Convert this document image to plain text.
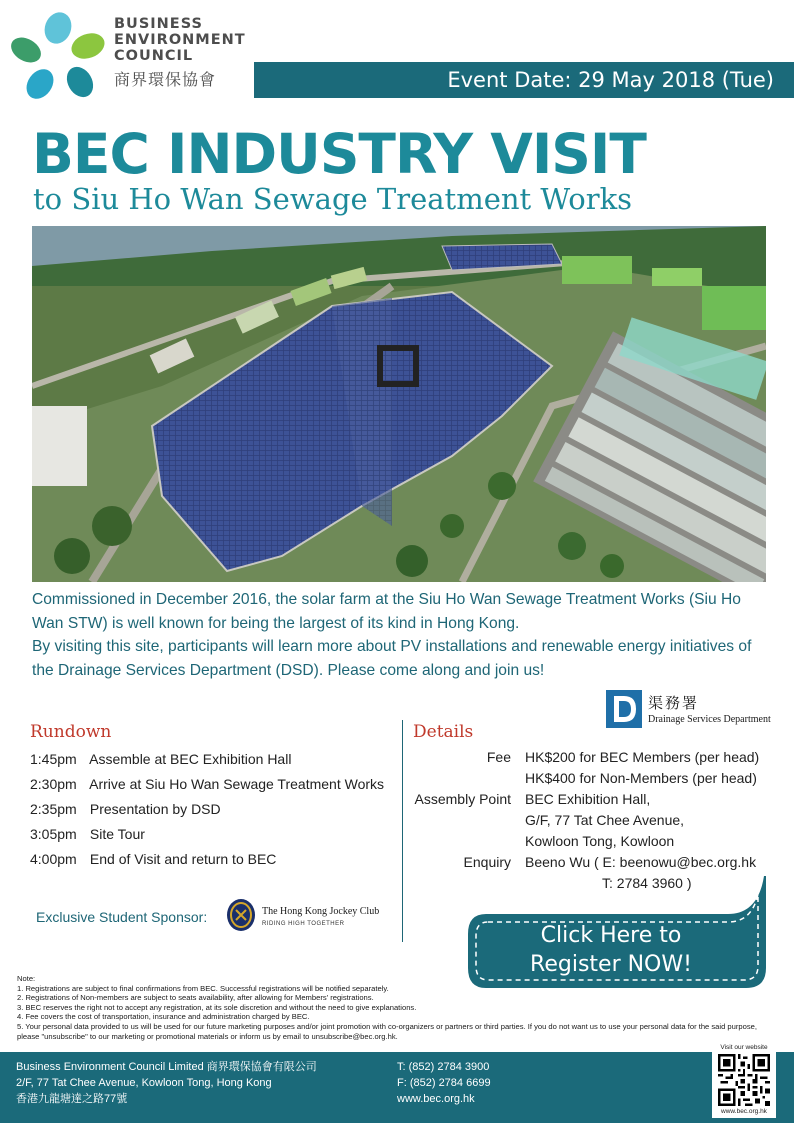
BUSINESS
ENVIRONMENT
COUNCIL
商界環保協會	Event Date: 29 May 2018 (Tue)
BEC INDUSTRY VISIT
to Siu Ho Wan Sewage Treatment Works

Commissioned in December 2016, the solar farm at the Siu Ho Wan Sewage Treatment Works (Siu Ho Wan STW) is well known for being the largest of its kind in Hong Kong.

By visiting this site, participants will learn more about PV installations and renewable energy initiatives of the Drainage Services Department (DSD). Please come along and join us!

渠務署
Drainage Services Department
Rundown
1:45pm Assemble at BEC Exhibition Hall
2:30pm Arrive at Siu Ho Wan Sewage Treatment Works
2:35pm Presentation by DSD
3:05pm Site Tour
4:00pm End of Visit and return to BEC
Exclusive Student Sponsor:	The Hong Kong Jockey Club
RIDING HIGH TOGETHER
Details
Fee	HK$200 for BEC Members (per head)
HK$400 for Non-Members (per head)
Assembly Point	BEC Exhibition Hall,
G/F, 77 Tat Chee Avenue,
Kowloon Tong, Kowloon
Enquiry	Beeno Wu ( E: beenowu@bec.org.hk
T: 2784 3960 )
Click Here to
Register NOW!
Note:
1. Registrations are subject to final confirmations from BEC. Successful registrations will be notified separately.
2. Registrations of Non-members are subject to seats availability, after allowing for Members' registrations.
3. BEC reserves the right not to accept any registration, at its sole discretion and without the need to give explanations.
4. Fee covers the cost of transportation, insurance and administration charged by BEC.
5. Your personal data provided to us will be used for our future marketing purposes and/or joint promotion with co-organizers or partners or third parties. If you do not want us to use your personal data for the said purpose, please "unsubscribe" to our marketing or promotional materials or inform us by email to unsubscribe@bec.org.hk.
Business Environment Council Limited 商界環保協會有限公司
2/F, 77 Tat Chee Avenue, Kowloon Tong, Hong Kong
香港九龍塘達之路77號
T: (852) 2784 3900
F: (852) 2784 6699
www.bec.org.hk
Visit our website
www.bec.org.hk
